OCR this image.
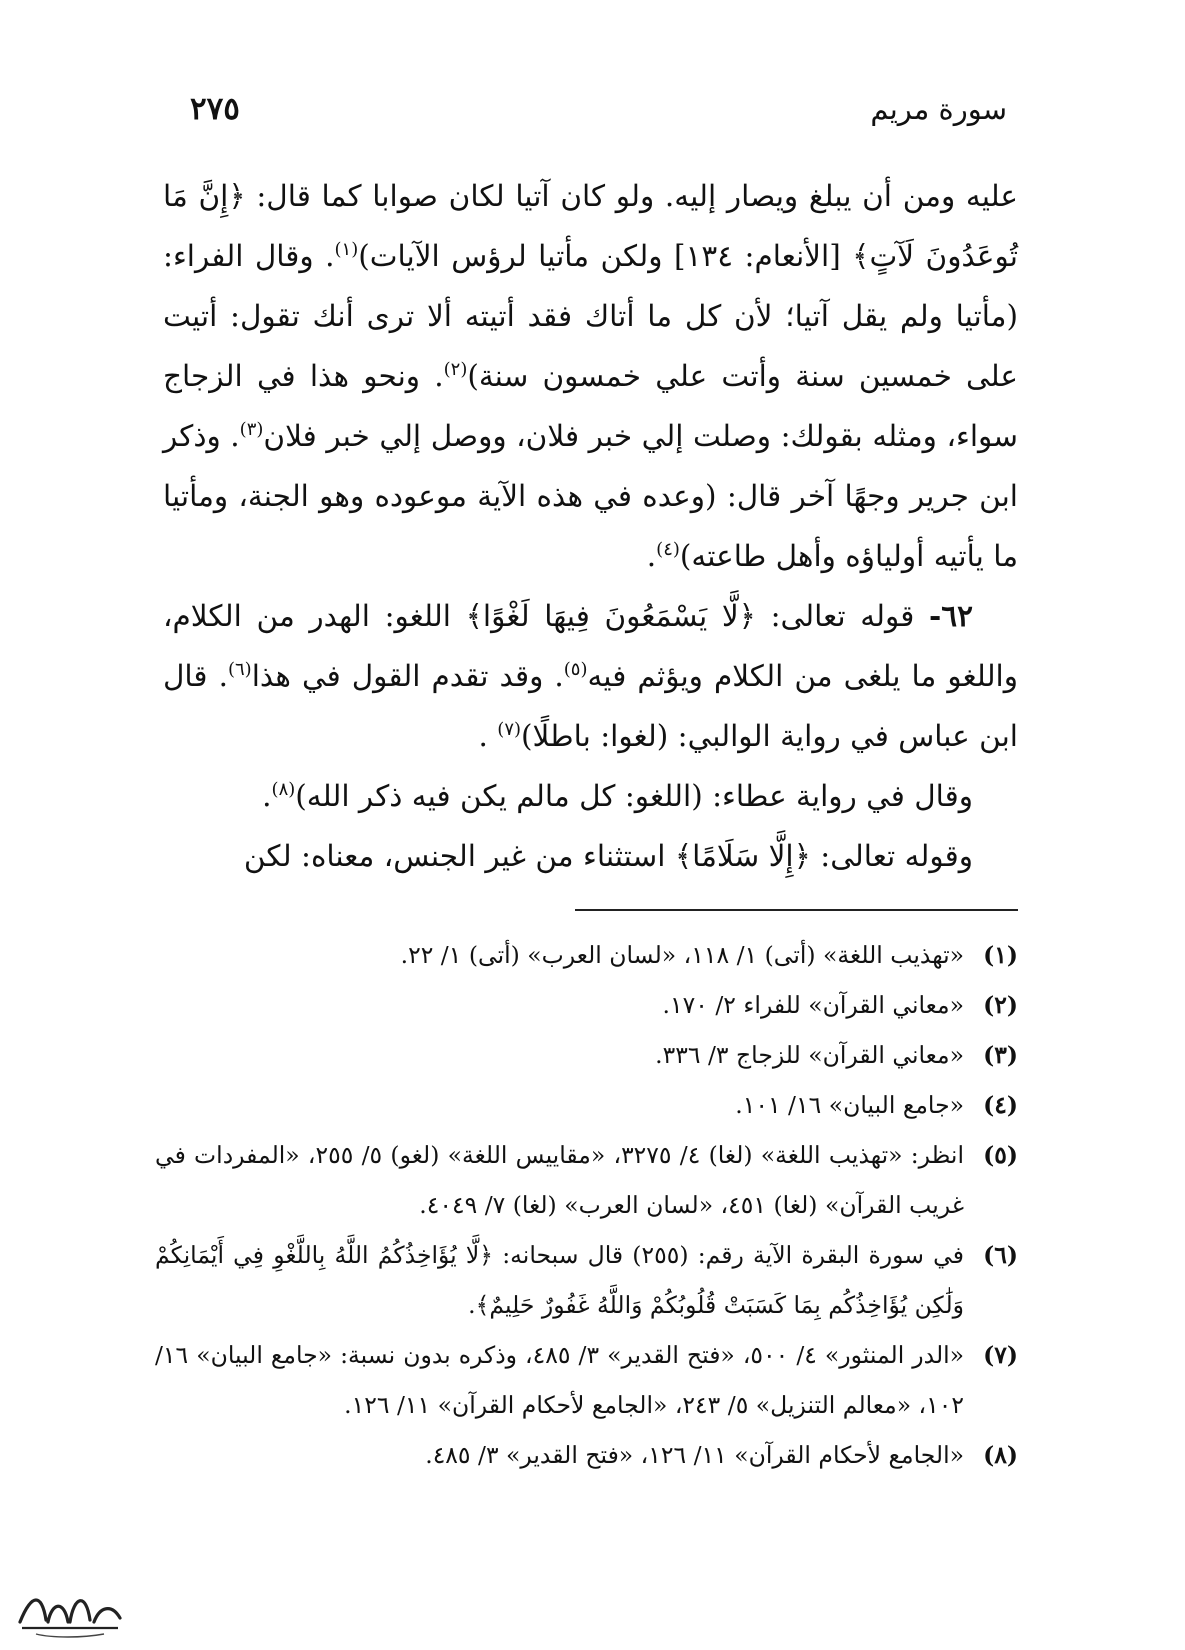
سورة مريم
٢٧٥

عليه ومن أن يبلغ ويصار إليه. ولو كان آتيا لكان صوابا كما قال: ﴿إِنَّ مَا تُوعَدُونَ لَآتٍ﴾ [الأنعام: ١٣٤] ولكن مأتيا لرؤس الآيات)$^{(١)}$. وقال الفراء: (مأتيا ولم يقل آتيا؛ لأن كل ما أتاك فقد أتيته ألا ترى أنك تقول: أتيت على خمسين سنة وأتت علي خمسون سنة)$^{(٢)}$. ونحو هذا في الزجاج سواء، ومثله بقولك: وصلت إلي خبر فلان، ووصل إلي خبر فلان$^{(٣)}$. وذكر ابن جرير وجهًا آخر قال: (وعده في هذه الآية موعوده وهو الجنة، ومأتيا ما يأتيه أولياؤه وأهل طاعته)$^{(٤)}$.

٦٢- قوله تعالى: ﴿لَّا يَسْمَعُونَ فِيهَا لَغْوًا﴾ اللغو: الهدر من الكلام، واللغو ما يلغى من الكلام ويؤثم فيه$^{(٥)}$. وقد تقدم القول في هذا$^{(٦)}$. قال ابن عباس في رواية الوالبي: (لغوا: باطلًا)$^{(٧)}$ .

وقال في رواية عطاء: (اللغو: كل مالم يكن فيه ذكر الله)$^{(٨)}$.

وقوله تعالى: ﴿إِلَّا سَلَامًا﴾ استثناء من غير الجنس، معناه: لكن

(١)
«تهذيب اللغة» (أتى) ١/ ١١٨، «لسان العرب» (أتى) ١/ ٢٢.
(٢)
«معاني القرآن» للفراء ٢/ ١٧٠.
(٣)
«معاني القرآن» للزجاج ٣/ ٣٣٦.
(٤)
«جامع البيان» ١٦/ ١٠١.
(٥)
انظر: «تهذيب اللغة» (لغا) ٤/ ٣٢٧٥، «مقاييس اللغة» (لغو) ٥/ ٢٥٥، «المفردات في غريب القرآن» (لغا) ٤٥١، «لسان العرب» (لغا) ٧/ ٤٠٤٩.
(٦)
في سورة البقرة الآية رقم: (٢٥٥) قال سبحانه: ﴿لَّا يُؤَاخِذُكُمُ اللَّهُ بِاللَّغْوِ فِي أَيْمَانِكُمْ وَلَٰكِن يُؤَاخِذُكُم بِمَا كَسَبَتْ قُلُوبُكُمْ وَاللَّهُ غَفُورٌ حَلِيمٌ﴾.
(٧)
«الدر المنثور» ٤/ ٥٠٠، «فتح القدير» ٣/ ٤٨٥، وذكره بدون نسبة: «جامع البيان» ١٦/ ١٠٢، «معالم التنزيل» ٥/ ٢٤٣، «الجامع لأحكام القرآن» ١١/ ١٢٦.
(٨)
«الجامع لأحكام القرآن» ١١/ ١٢٦، «فتح القدير» ٣/ ٤٨٥.
